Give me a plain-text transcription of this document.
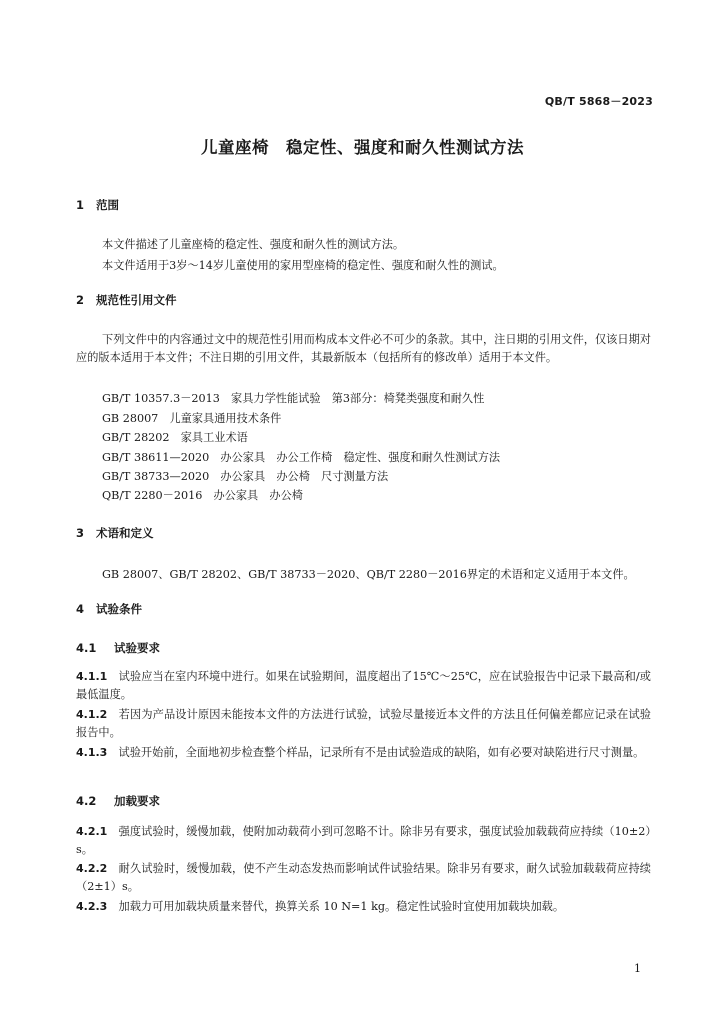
QB/T 5868－2023
儿童座椅　稳定性、强度和耐久性测试方法
1 范围
本文件描述了儿童座椅的稳定性、强度和耐久性的测试方法。
本文件适用于3岁～14岁儿童使用的家用型座椅的稳定性、强度和耐久性的测试。
2 规范性引用文件
下列文件中的内容通过文中的规范性引用而构成本文件必不可少的条款。其中，注日期的引用文件，仅该日期对应的版本适用于本文件；不注日期的引用文件，其最新版本（包括所有的修改单）适用于本文件。
GB/T 10357.3－2013　家具力学性能试验　第3部分：椅凳类强度和耐久性
GB 28007　儿童家具通用技术条件
GB/T 28202　家具工业术语
GB/T 38611—2020　办公家具　办公工作椅　稳定性、强度和耐久性测试方法
GB/T 38733—2020　办公家具　办公椅　尺寸测量方法
QB/T 2280－2016　办公家具　办公椅
3 术语和定义
GB 28007、GB/T 28202、GB/T 38733－2020、QB/T 2280－2016界定的术语和定义适用于本文件。
4 试验条件
4.1 试验要求
4.1.1  试验应当在室内环境中进行。如果在试验期间，温度超出了15℃～25℃，应在试验报告中记录下最高和/或最低温度。
4.1.2  若因为产品设计原因未能按本文件的方法进行试验，试验尽量接近本文件的方法且任何偏差都应记录在试验报告中。
4.1.3  试验开始前，全面地初步检查整个样品，记录所有不是由试验造成的缺陷，如有必要对缺陷进行尺寸测量。
4.2 加载要求
4.2.1  强度试验时，缓慢加载，使附加动载荷小到可忽略不计。除非另有要求，强度试验加载载荷应持续（10±2）s。
4.2.2  耐久试验时，缓慢加载，使不产生动态发热而影响试件试验结果。除非另有要求，耐久试验加载载荷应持续（2±1）s。
4.2.3  加载力可用加载块质量来替代，换算关系 10 N=1 kg。稳定性试验时宜使用加载块加载。
1
